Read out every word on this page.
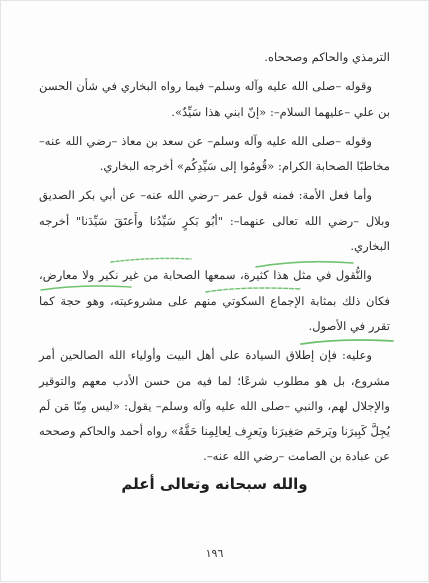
الترمذي والحاكم وصححاه.

وقوله –صلى الله عليه وآله وسلم– فيما رواه البخاري في شأن الحسن بن علي –عليهما السلام–: «إنّ ابني هذا سَيِّدٌ».

وقوله –صلى الله عليه وآله وسلم– عن سعد بن معاذ –رضي الله عنه– مخاطبًا الصحابة الكرام: «قُومُوا إلى سَيِّدِكُم» أخرجه البخاري.

وأما فعل الأمة: فمنه قول عمر –رضي الله عنه– عن أبي بكر الصديق وبلال –رضي الله تعالى عنهما–: "أبُو بَكرٍ سَيِّدُنا وأَعتَقَ سَيِّدَنا" أخرجه البخاري.

والنُّقول في مثل هذا كثيرة، سمعها الصحابة من غير نكير ولا معارض، فكان ذلك بمثابة الإجماع السكوتي منهم على مشروعيته، وهو حجة كما تقرر في الأصول.

وعليه: فإن إطلاق السيادة على أهل البيت وأولياء الله الصالحين أمر مشروع، بل هو مطلوب شرعًا؛ لما فيه من حسن الأدب معهم والتوقير والإجلال لهم، والنبي –صلى الله عليه وآله وسلم– يقول: «ليس مِنّا مَن لَم يُجِلَّ كَبِيرَنا ويَرحَم صَغِيرَنا ويَعرِف لِعالِمِنا حَقَّهُ» رواه أحمد والحاكم وصححه عن عبادة بن الصامت –رضي الله عنه–.

والله سبحانه وتعالى أعلم
١٩٦
